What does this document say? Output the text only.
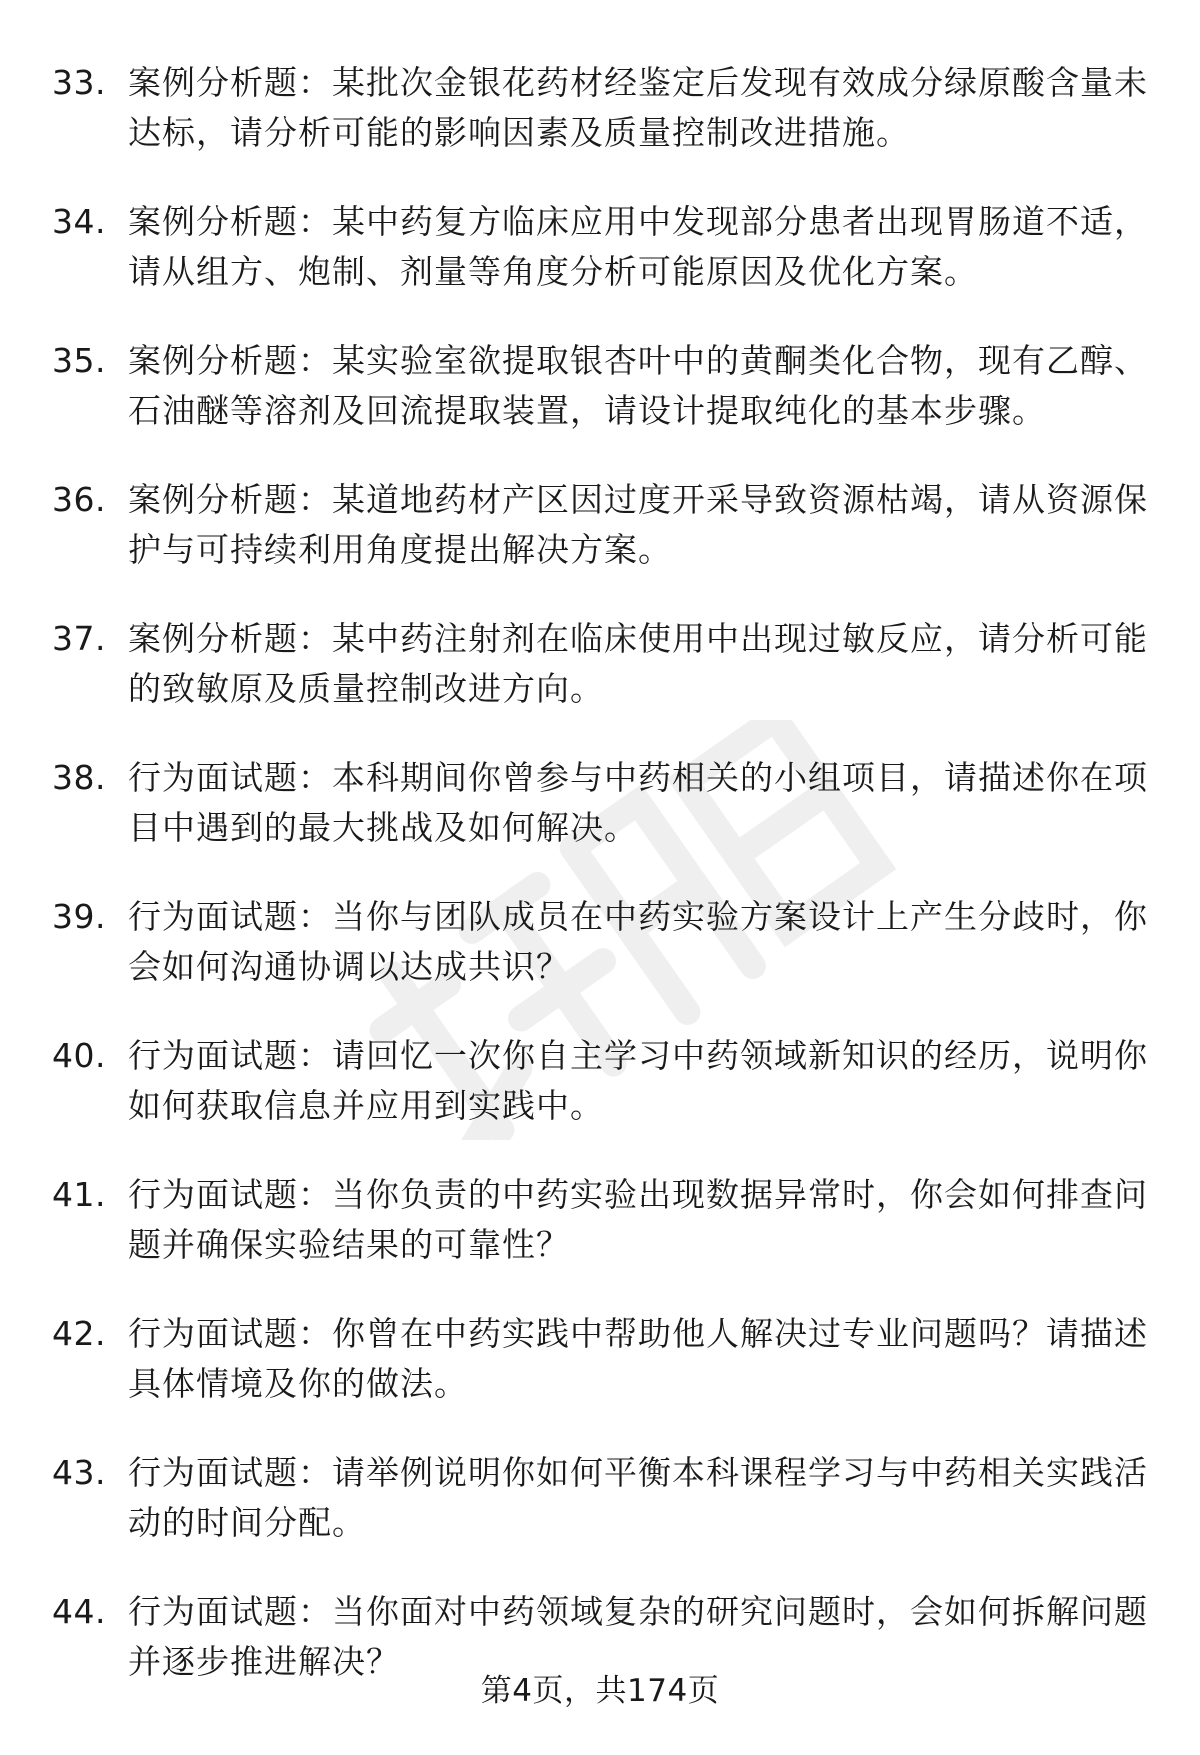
33. 案例分析题：某批次金银花药材经鉴定后发现有效成分绿原酸含量未达标，请分析可能的影响因素及质量控制改进措施。
34. 案例分析题：某中药复方临床应用中发现部分患者出现胃肠道不适，请从组方、炮制、剂量等角度分析可能原因及优化方案。
35. 案例分析题：某实验室欲提取银杏叶中的黄酮类化合物，现有乙醇、石油醚等溶剂及回流提取装置，请设计提取纯化的基本步骤。
36. 案例分析题：某道地药材产区因过度开采导致资源枯竭，请从资源保护与可持续利用角度提出解决方案。
37. 案例分析题：某中药注射剂在临床使用中出现过敏反应，请分析可能的致敏原及质量控制改进方向。
38. 行为面试题：本科期间你曾参与中药相关的小组项目，请描述你在项目中遇到的最大挑战及如何解决。
39. 行为面试题：当你与团队成员在中药实验方案设计上产生分歧时，你会如何沟通协调以达成共识？
40. 行为面试题：请回忆一次你自主学习中药领域新知识的经历，说明你如何获取信息并应用到实践中。
41. 行为面试题：当你负责的中药实验出现数据异常时，你会如何排查问题并确保实验结果的可靠性？
42. 行为面试题：你曾在中药实践中帮助他人解决过专业问题吗？请描述具体情境及你的做法。
43. 行为面试题：请举例说明你如何平衡本科课程学习与中药相关实践活动的时间分配。
44. 行为面试题：当你面对中药领域复杂的研究问题时，会如何拆解问题并逐步推进解决？
第4页，共174页
